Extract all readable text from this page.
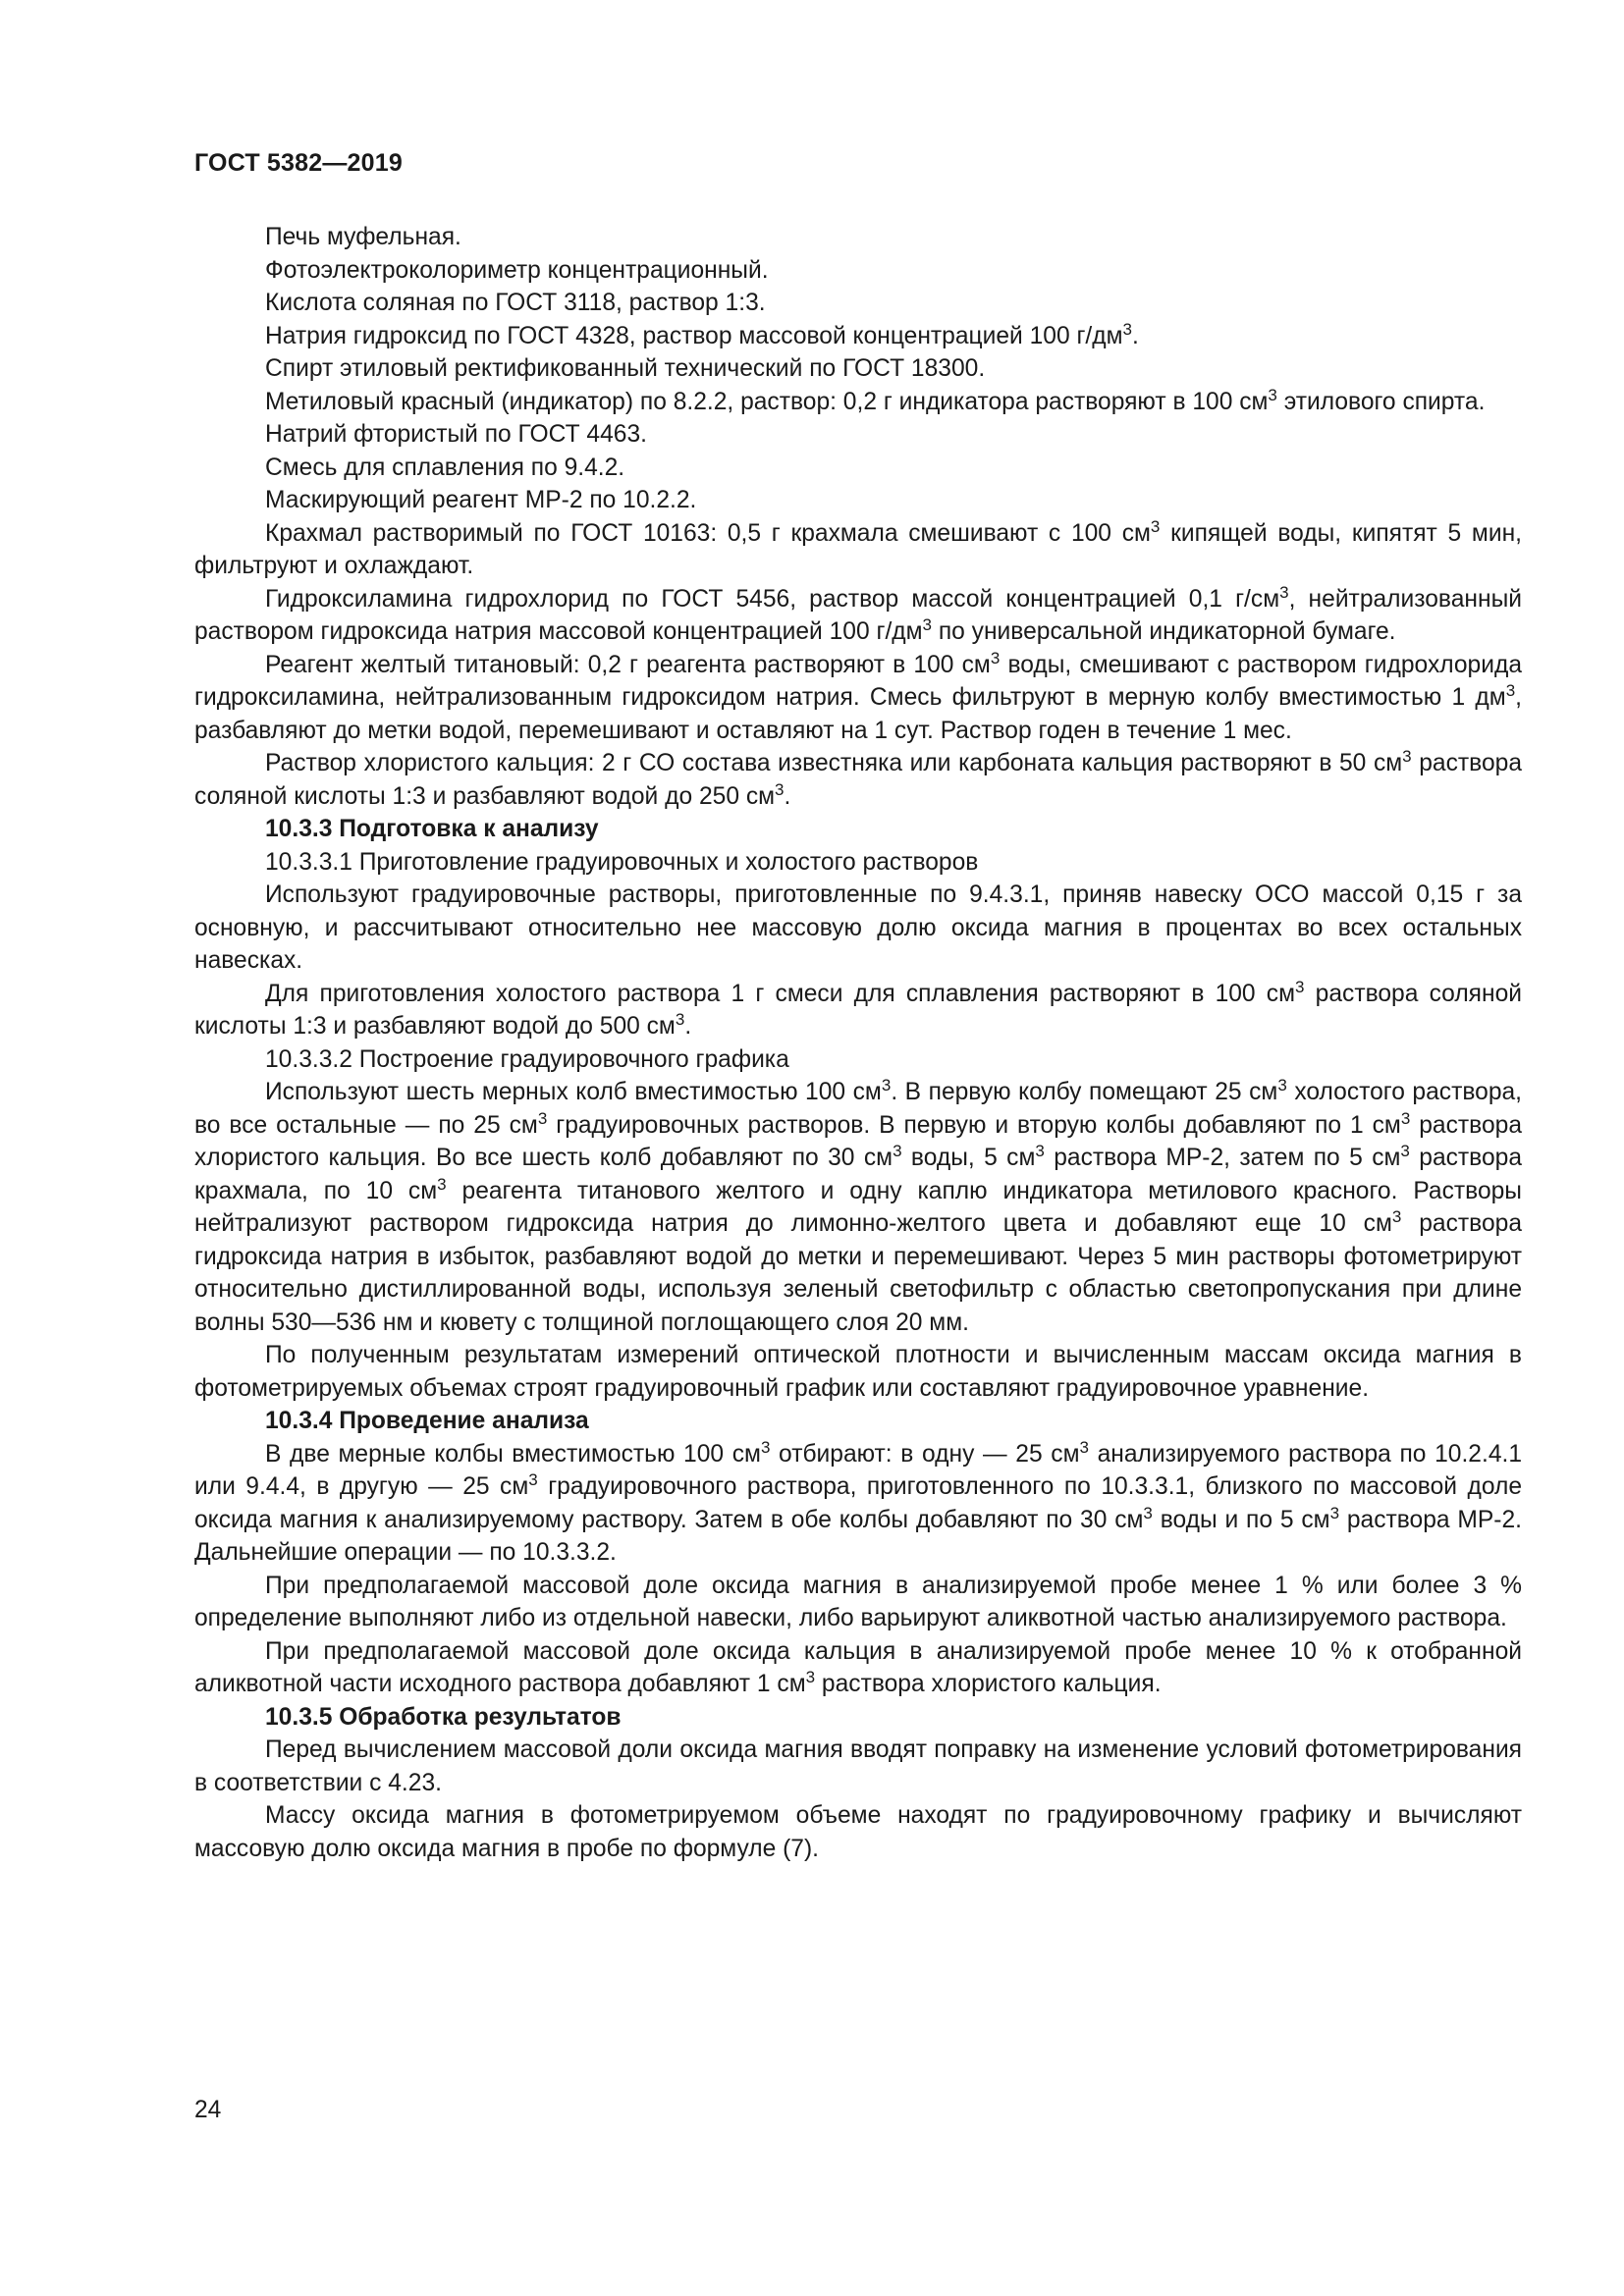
ГОСТ 5382—2019

Печь муфельная.

Фотоэлектроколориметр концентрационный.

Кислота соляная по ГОСТ 3118, раствор 1:3.

Натрия гидроксид по ГОСТ 4328, раствор массовой концентрацией 100 $г/дм^3$.

Спирт этиловый ректификованный технический по ГОСТ 18300.

Метиловый красный (индикатор) по 8.2.2, раствор: 0,2 г индикатора растворяют в 100 $см^3$ этилового спирта.

Натрий фтористый по ГОСТ 4463.

Смесь для сплавления по 9.4.2.

Маскирующий реагент МР-2 по 10.2.2.

Крахмал растворимый по ГОСТ 10163: 0,5 г крахмала смешивают с 100 $см^3$ кипящей воды, кипятят 5 мин, фильтруют и охлаждают.

Гидроксиламина гидрохлорид по ГОСТ 5456, раствор массой концентрацией 0,1 $г/см^3$, нейтрализованный раствором гидроксида натрия массовой концентрацией 100 $г/дм^3$ по универсальной индикаторной бумаге.

Реагент желтый титановый: 0,2 г реагента растворяют в 100 $см^3$ воды, смешивают с раствором гидрохлорида гидроксиламина, нейтрализованным гидроксидом натрия. Смесь фильтруют в мерную колбу вместимостью 1 $дм^3$, разбавляют до метки водой, перемешивают и оставляют на 1 сут. Раствор годен в течение 1 мес.

Раствор хлористого кальция: 2 г СО состава известняка или карбоната кальция растворяют в 50 $см^3$ раствора соляной кислоты 1:3 и разбавляют водой до 250 $см^3$.

10.3.3 Подготовка к анализу

10.3.3.1 Приготовление градуировочных и холостого растворов

Используют градуировочные растворы, приготовленные по 9.4.3.1, приняв навеску ОСО массой 0,15 г за основную, и рассчитывают относительно нее массовую долю оксида магния в процентах во всех остальных навесках.

Для приготовления холостого раствора 1 г смеси для сплавления растворяют в 100 $см^3$ раствора соляной кислоты 1:3 и разбавляют водой до 500 $см^3$.

10.3.3.2 Построение градуировочного графика

Используют шесть мерных колб вместимостью 100 $см^3$. В первую колбу помещают 25 $см^3$ холостого раствора, во все остальные — по 25 $см^3$ градуировочных растворов. В первую и вторую колбы добавляют по 1 $см^3$ раствора хлористого кальция. Во все шесть колб добавляют по 30 $см^3$ воды, 5 $см^3$ раствора МР-2, затем по 5 $см^3$ раствора крахмала, по 10 $см^3$ реагента титанового желтого и одну каплю индикатора метилового красного. Растворы нейтрализуют раствором гидроксида натрия до лимонно-желтого цвета и добавляют еще 10 $см^3$ раствора гидроксида натрия в избыток, разбавляют водой до метки и перемешивают. Через 5 мин растворы фотометрируют относительно дистиллированной воды, используя зеленый светофильтр с областью светопропускания при длине волны 530—536 нм и кювету с толщиной поглощающего слоя 20 мм.

По полученным результатам измерений оптической плотности и вычисленным массам оксида магния в фотометрируемых объемах строят градуировочный график или составляют градуировочное уравнение.

10.3.4 Проведение анализа

В две мерные колбы вместимостью 100 $см^3$ отбирают: в одну — 25 $см^3$ анализируемого раствора по 10.2.4.1 или 9.4.4, в другую — 25 $см^3$ градуировочного раствора, приготовленного по 10.3.3.1, близкого по массовой доле оксида магния к анализируемому раствору. Затем в обе колбы добавляют по 30 $см^3$ воды и по 5 $см^3$ раствора МР-2. Дальнейшие операции — по 10.3.3.2.

При предполагаемой массовой доле оксида магния в анализируемой пробе менее 1 % или более 3 % определение выполняют либо из отдельной навески, либо варьируют аликвотной частью анализируемого раствора.

При предполагаемой массовой доле оксида кальция в анализируемой пробе менее 10 % к отобранной аликвотной части исходного раствора добавляют 1 $см^3$ раствора хлористого кальция.

10.3.5 Обработка результатов

Перед вычислением массовой доли оксида магния вводят поправку на изменение условий фотометрирования в соответствии с 4.23.

Массу оксида магния в фотометрируемом объеме находят по градуировочному графику и вычисляют массовую долю оксида магния в пробе по формуле (7).

24
